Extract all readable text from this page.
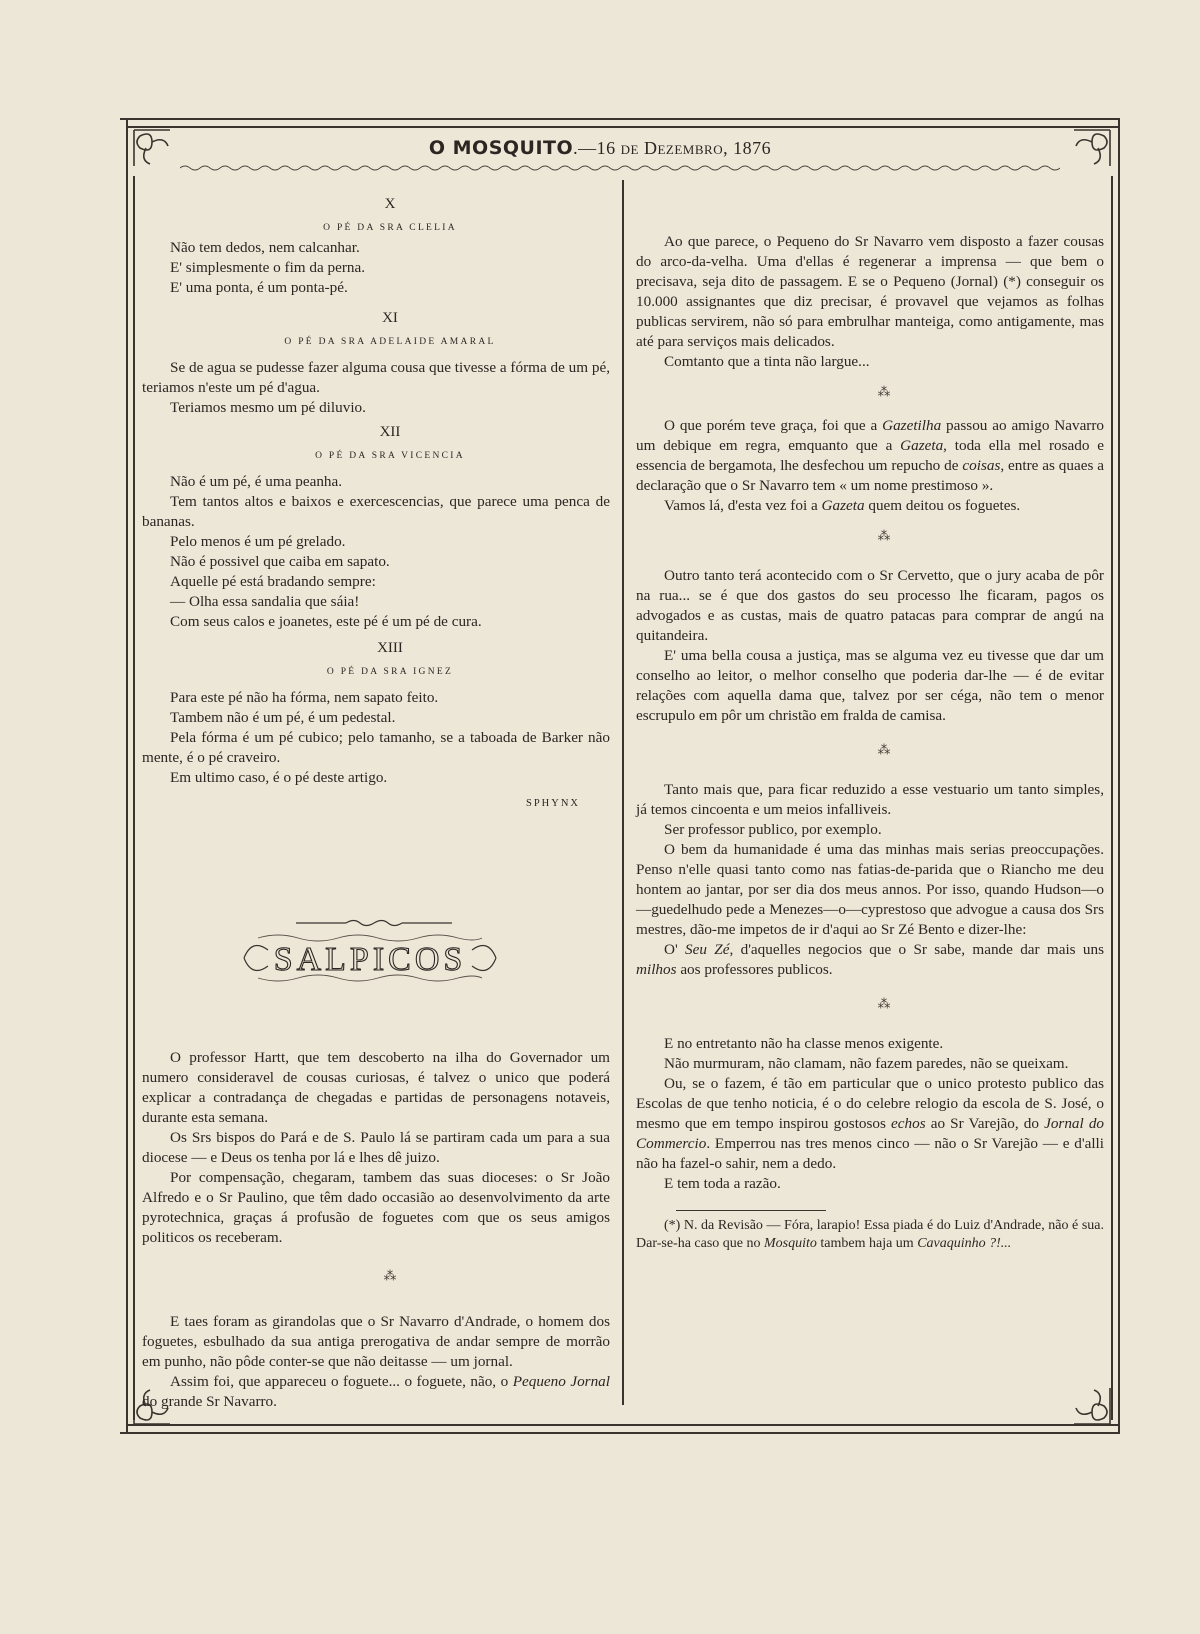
O MOSQUITO.—16 de Dezembro, 1876

X

O PÉ DA SRA CLELIA

Não tem dedos, nem calcanhar.

E' simplesmente o fim da perna.

E' uma ponta, é um ponta-pé.

XI

O PÉ DA SRA ADELAIDE AMARAL

Se de agua se pudesse fazer alguma cousa que tivesse a fórma de um pé, teriamos n'este um pé d'agua.

Teriamos mesmo um pé diluvio.

XII

O PÉ DA SRA VICENCIA

Não é um pé, é uma peanha.

Tem tantos altos e baixos e exercescencias, que parece uma penca de bananas.

Pelo menos é um pé grelado.

Não é possivel que caiba em sapato.

Aquelle pé está bradando sempre:

— Olha essa sandalia que sáia!

Com seus calos e joanetes, este pé é um pé de cura.

XIII

O PÉ DA SRA IGNEZ

Para este pé não ha fórma, nem sapato feito.

Tambem não é um pé, é um pedestal.

Pela fórma é um pé cubico; pelo tamanho, se a taboada de Barker não mente, é o pé craveiro.

Em ultimo caso, é o pé deste artigo.

SPHYNX

SALPICOS

O professor Hartt, que tem descoberto na ilha do Governador um numero consideravel de cousas curiosas, é talvez o unico que poderá explicar a contradança de chegadas e partidas de personagens notaveis, durante esta semana.

Os Srs bispos do Pará e de S. Paulo lá se partiram cada um para a sua diocese — e Deus os tenha por lá e lhes dê juizo.

Por compensação, chegaram, tambem das suas dioceses: o Sr João Alfredo e o Sr Paulino, que têm dado occasião ao desenvolvimento da arte pyrotechnica, graças á profusão de foguetes com que os seus amigos politicos os receberam.

⁂

E taes foram as girandolas que o Sr Navarro d'Andrade, o homem dos foguetes, esbulhado da sua antiga prerogativa de andar sempre de morrão em punho, não pôde conter-se que não deitasse — um jornal.

Assim foi, que appareceu o foguete... o foguete, não, o Pequeno Jornal do grande Sr Navarro.

Ao que parece, o Pequeno do Sr Navarro vem disposto a fazer cousas do arco-da-velha. Uma d'ellas é regenerar a imprensa — que bem o precisava, seja dito de passagem. E se o Pequeno (Jornal) (*) conseguir os 10.000 assignantes que diz precisar, é provavel que vejamos as folhas publicas servirem, não só para embrulhar manteiga, como antigamente, mas até para serviços mais delicados.

Comtanto que a tinta não largue...

⁂

O que porém teve graça, foi que a Gazetilha passou ao amigo Navarro um debique em regra, emquanto que a Gazeta, toda ella mel rosado e essencia de bergamota, lhe desfechou um repucho de coisas, entre as quaes a declaração que o Sr Navarro tem « um nome prestimoso ».

Vamos lá, d'esta vez foi a Gazeta quem deitou os foguetes.

⁂

Outro tanto terá acontecido com o Sr Cervetto, que o jury acaba de pôr na rua... se é que dos gastos do seu processo lhe ficaram, pagos os advogados e as custas, mais de quatro patacas para comprar de angú na quitandeira.

E' uma bella cousa a justiça, mas se alguma vez eu tivesse que dar um conselho ao leitor, o melhor conselho que poderia dar-lhe — é de evitar relações com aquella dama que, talvez por ser céga, não tem o menor escrupulo em pôr um christão em fralda de camisa.

⁂

Tanto mais que, para ficar reduzido a esse vestuario um tanto simples, já temos cincoenta e um meios infalliveis.

Ser professor publico, por exemplo.

O bem da humanidade é uma das minhas mais serias preoccupações. Penso n'elle quasi tanto como nas fatias-de-parida que o Riancho me deu hontem ao jantar, por ser dia dos meus annos. Por isso, quando Hudson—o—guedelhudo pede a Menezes—o—cyprestoso que advogue a causa dos Srs mestres, dão-me impetos de ir d'aqui ao Sr Zé Bento e dizer-lhe:

O' Seu Zé, d'aquelles negocios que o Sr sabe, mande dar mais uns milhos aos professores publicos.

⁂

E no entretanto não ha classe menos exigente.

Não murmuram, não clamam, não fazem paredes, não se queixam.

Ou, se o fazem, é tão em particular que o unico protesto publico das Escolas de que tenho noticia, é o do celebre relogio da escola de S. José, o mesmo que em tempo inspirou gostosos echos ao Sr Varejão, do Jornal do Commercio. Emperrou nas tres menos cinco — não o Sr Varejão — e d'alli não ha fazel-o sahir, nem a dedo.

E tem toda a razão.

(*) N. da Revisão — Fóra, larapio! Essa piada é do Luiz d'Andrade, não é sua. Dar-se-ha caso que no Mosquito tambem haja um Cavaquinho ?!...
